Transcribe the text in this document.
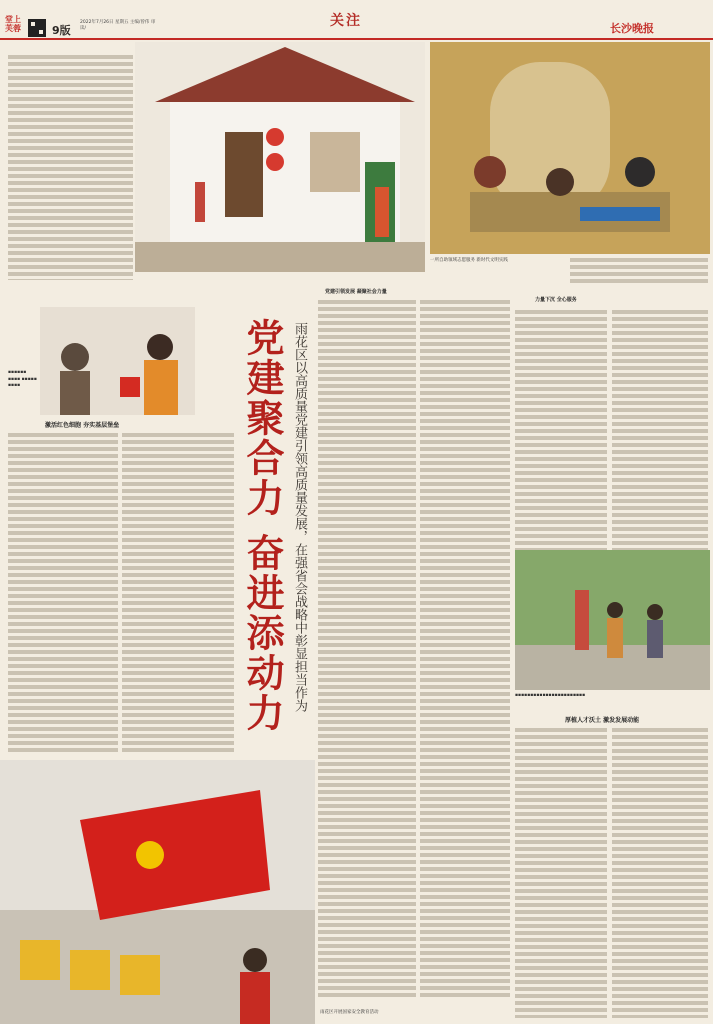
堂上 芙蓉	9版
2022年7月26日 星期五 主编/曾伟 审读/	关注	长沙晚报
一所自助领域志愿服务 新时代文明实践
▪▪▪▪▪▪ ▪▪▪▪ ▪▪▪▪▪ ▪▪▪▪
激活红色细胞 夯实基层堡垒	党建聚合力 奋进添动力 雨花区以高质量党建引领高质量发展，在强省会战略中彰显担当作为
党建引领发展 凝聚社会力量
力量下沉 全心服务
▪▪▪▪▪▪▪▪▪▪▪▪▪▪▪▪▪▪▪▪▪▪▪
厚植人才沃土 激发发展动能
雨花区开展国家安全教育活动
